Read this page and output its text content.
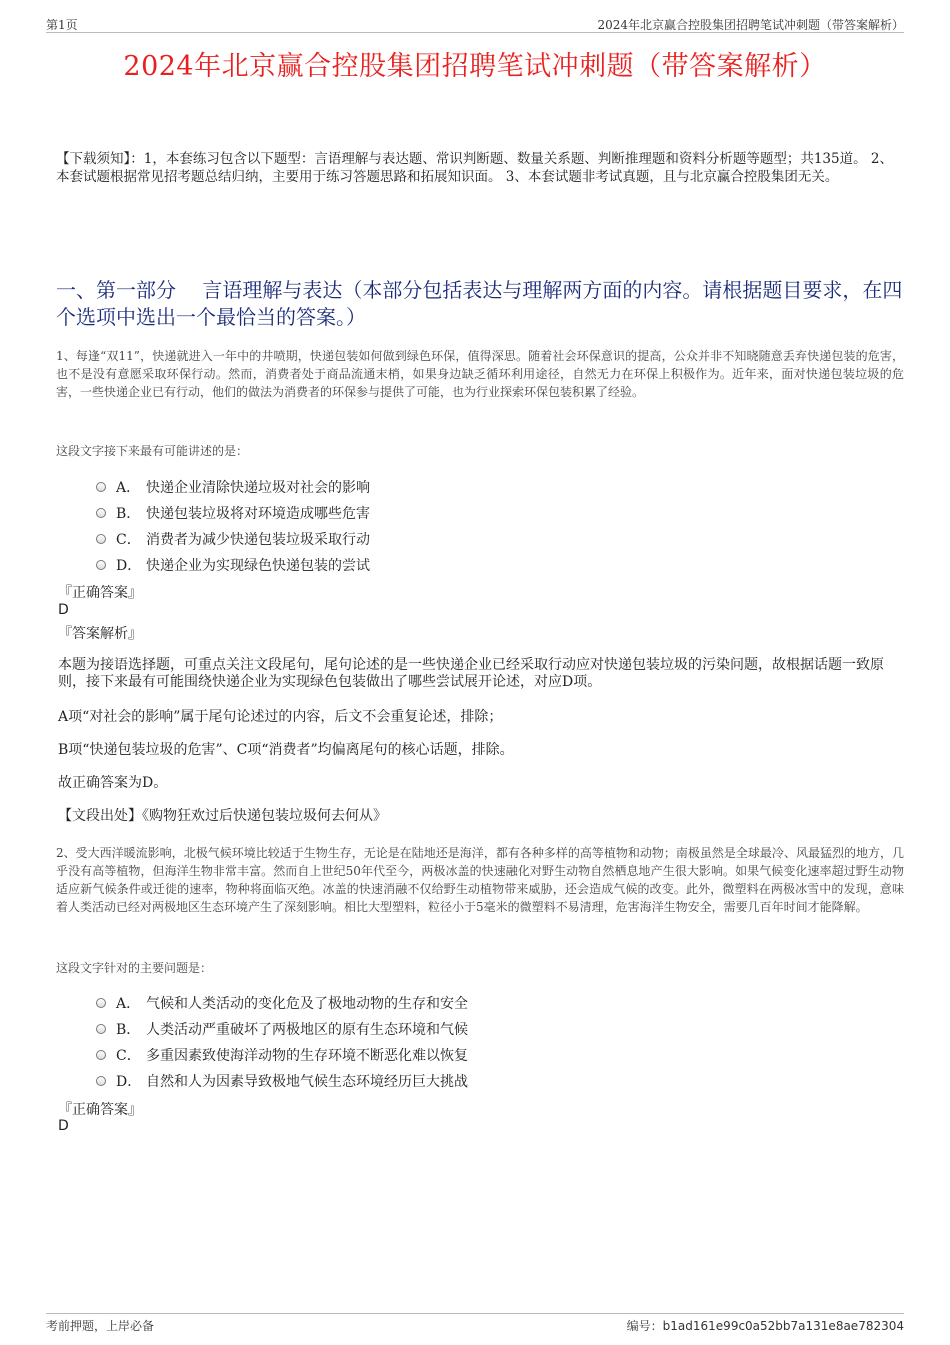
第1页	2024年北京赢合控股集团招聘笔试冲刺题（带答案解析）
2024年北京赢合控股集团招聘笔试冲刺题（带答案解析）
【下载须知】：1，本套练习包含以下题型：言语理解与表达题、常识判断题、数量关系题、判断推理题和资料分析题等题型；共135道。 2、本套试题根据常见招考题总结归纳，主要用于练习答题思路和拓展知识面。 3、本套试题非考试真题，且与北京赢合控股集团无关。
一、第一部分　 言语理解与表达（本部分包括表达与理解两方面的内容。请根据题目要求，在四个选项中选出一个最恰当的答案。）
1、每逢“双11”，快递就进入一年中的井喷期，快递包装如何做到绿色环保，值得深思。随着社会环保意识的提高，公众并非不知晓随意丢弃快递包装的危害，也不是没有意愿采取环保行动。然而，消费者处于商品流通末梢，如果身边缺乏循环利用途径，自然无力在环保上积极作为。近年来，面对快递包装垃圾的危害，一些快递企业已有行动，他们的做法为消费者的环保参与提供了可能，也为行业探索环保包装积累了经验。
这段文字接下来最有可能讲述的是：
A． 快递企业清除快递垃圾对社会的影响
B． 快递包装垃圾将对环境造成哪些危害
C． 消费者为减少快递包装垃圾采取行动
D． 快递企业为实现绿色快递包装的尝试
『正确答案』
D
『答案解析』
本题为接语选择题，可重点关注文段尾句，尾句论述的是一些快递企业已经采取行动应对快递包装垃圾的污染问题，故根据话题一致原则，接下来最有可能围绕快递企业为实现绿色包装做出了哪些尝试展开论述，对应D项。
A项“对社会的影响”属于尾句论述过的内容，后文不会重复论述，排除；
B项“快递包装垃圾的危害”、C项“消费者”均偏离尾句的核心话题，排除。
故正确答案为D。
【文段出处】《购物狂欢过后快递包装垃圾何去何从》
2、受大西洋暖流影响，北极气候环境比较适于生物生存，无论是在陆地还是海洋，都有各种多样的高等植物和动物；南极虽然是全球最冷、风最猛烈的地方，几乎没有高等植物，但海洋生物非常丰富。然而自上世纪50年代至今，两极冰盖的快速融化对野生动物自然栖息地产生很大影响。如果气候变化速率超过野生动物适应新气候条件或迁徙的速率，物种将面临灭绝。冰盖的快速消融不仅给野生动植物带来威胁，还会造成气候的改变。此外，微塑料在两极冰雪中的发现，意味着人类活动已经对两极地区生态环境产生了深刻影响。相比大型塑料，粒径小于5毫米的微塑料不易清理，危害海洋生物安全，需要几百年时间才能降解。
这段文字针对的主要问题是：
A． 气候和人类活动的变化危及了极地动物的生存和安全
B． 人类活动严重破坏了两极地区的原有生态环境和气候
C． 多重因素致使海洋动物的生存环境不断恶化难以恢复
D． 自然和人为因素导致极地气候生态环境经历巨大挑战
『正确答案』
D
考前押题，上岸必备	编号：b1ad161e99c0a52bb7a131e8ae782304
